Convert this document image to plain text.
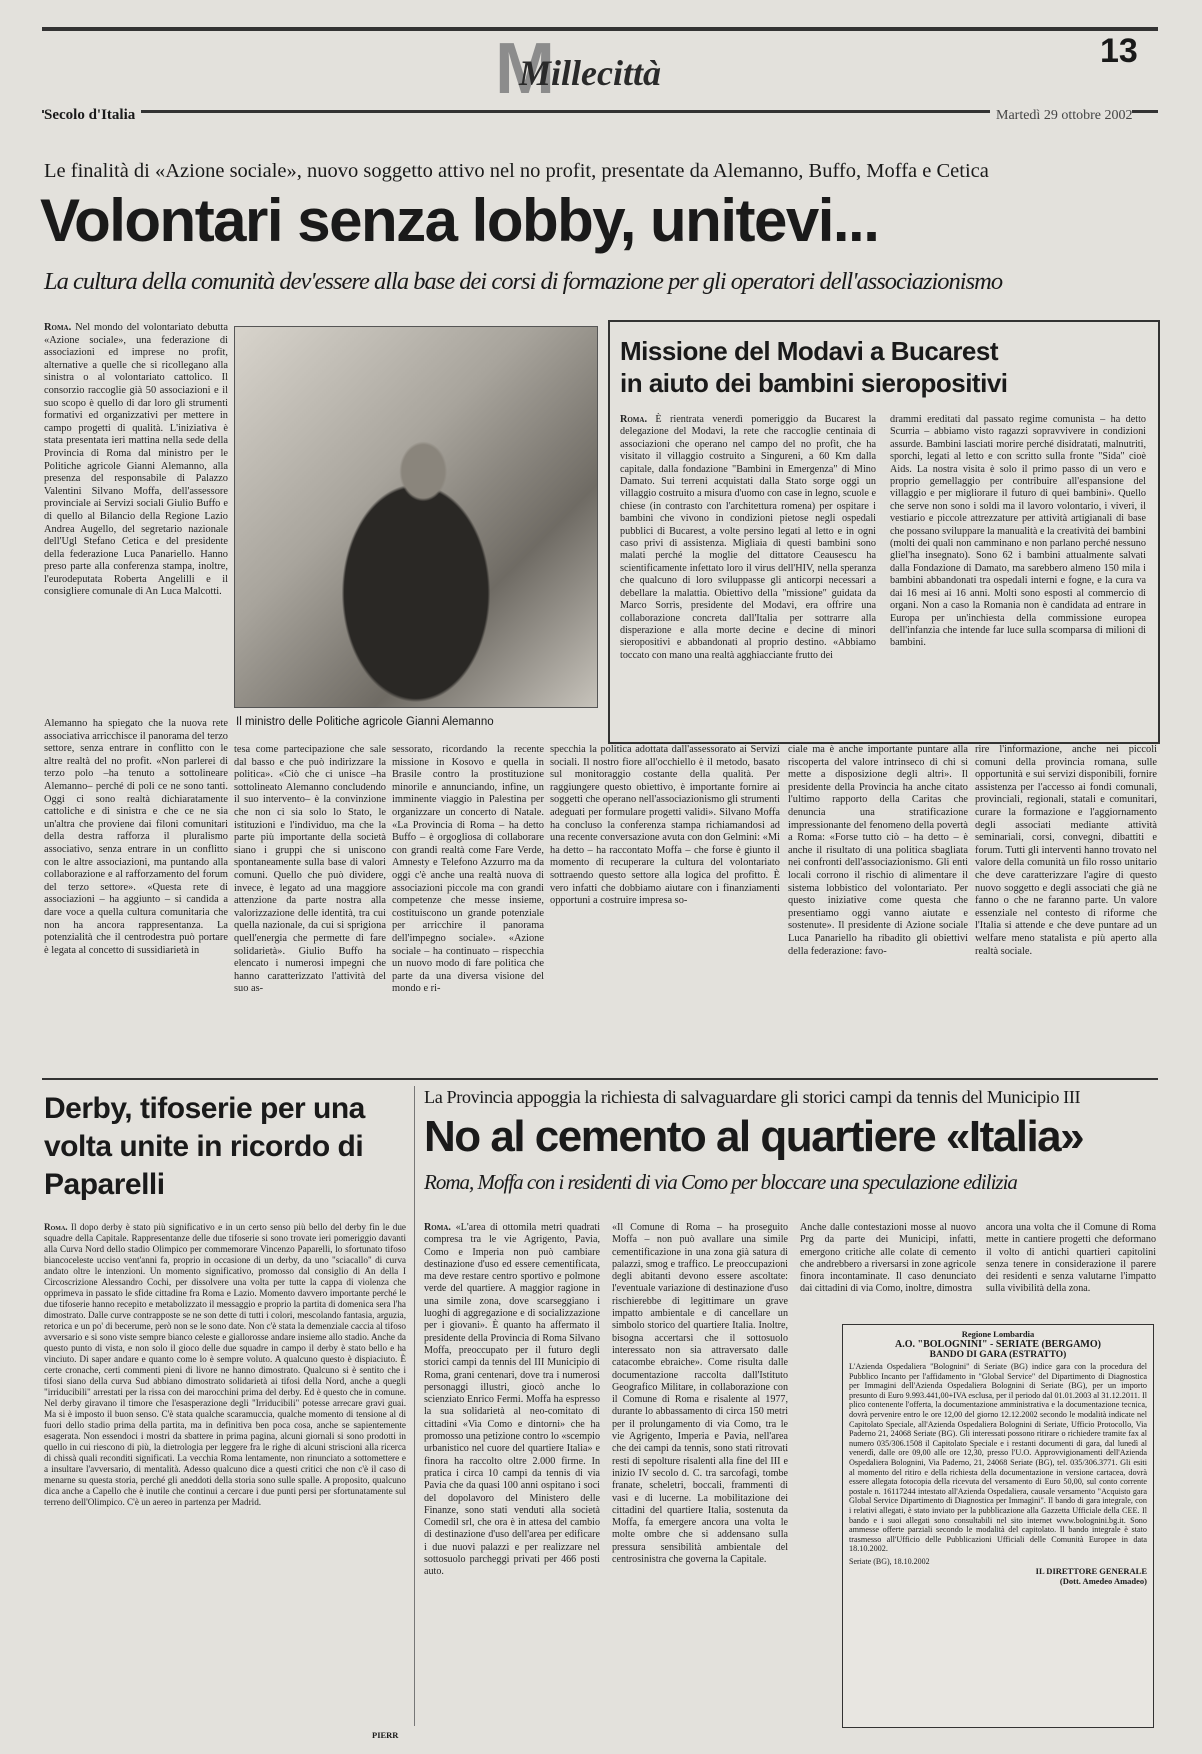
M
Millecittà
13
Secolo d'Italia	Martedì 29 ottobre 2002
Le finalità di «Azione sociale», nuovo soggetto attivo nel no profit, presentate da Alemanno, Buffo, Moffa e Cetica
Volontari senza lobby, unitevi...
La cultura della comunità dev'essere alla base dei corsi di formazione per gli operatori dell'associazionismo

Roma. Nel mondo del volontariato debutta «Azione sociale», una federazione di associazioni ed imprese no profit, alternative a quelle che si ricollegano alla sinistra o al volontariato cattolico. Il consorzio raccoglie già 50 associazioni e il suo scopo è quello di dar loro gli strumenti formativi ed organizzativi per mettere in campo progetti di qualità. L'iniziativa è stata presentata ieri mattina nella sede della Provincia di Roma dal ministro per le Politiche agricole Gianni Alemanno, alla presenza del responsabile di Palazzo Valentini Silvano Moffa, dell'assessore provinciale ai Servizi sociali Giulio Buffo e di quello al Bilancio della Regione Lazio Andrea Augello, del segretario nazionale dell'Ugl Stefano Cetica e del presidente della federazione Luca Panariello. Hanno preso parte alla conferenza stampa, inoltre, l'eurodeputata Roberta Angelilli e il consigliere comunale di An Luca Malcotti.

Il ministro delle Politiche agricole Gianni Alemanno

Alemanno ha spiegato che la nuova rete associativa arricchisce il panorama del terzo settore, senza entrare in conflitto con le altre realtà del no profit. «Non parlerei di terzo polo –ha tenuto a sottolineare Alemanno– perché di poli ce ne sono tanti. Oggi ci sono realtà dichiaratamente cattoliche e di sinistra e che ce ne sia un'altra che proviene dai filoni comunitari della destra rafforza il pluralismo associativo, senza entrare in un conflitto con le altre associazioni, ma puntando alla collaborazione e al rafforzamento del forum del terzo settore». «Questa rete di associazioni – ha aggiunto – si candida a dare voce a quella cultura comunitaria che non ha ancora rappresentanza. La potenzialità che il centrodestra può portare è legata al concetto di sussidiarietà in

tesa come partecipazione che sale dal basso e che può indirizzare la politica». «Ciò che ci unisce –ha sottolineato Alemanno concludendo il suo intervento– è la convinzione che non ci sia solo lo Stato, le istituzioni e l'individuo, ma che la parte più importante della società siano i gruppi che si uniscono spontaneamente sulla base di valori comuni. Quello che può dividere, invece, è legato ad una maggiore attenzione da parte nostra alla valorizzazione delle identità, tra cui quella nazionale, da cui si sprigiona quell'energia che permette di fare solidarietà». Giulio Buffo ha elencato i numerosi impegni che hanno caratterizzato l'attività del suo as-

sessorato, ricordando la recente missione in Kosovo e quella in Brasile contro la prostituzione minorile e annunciando, infine, un imminente viaggio in Palestina per organizzare un concerto di Natale. «La Provincia di Roma – ha detto Buffo – è orgogliosa di collaborare con grandi realtà come Fare Verde, Amnesty e Telefono Azzurro ma da oggi c'è anche una realtà nuova di associazioni piccole ma con grandi competenze che messe insieme, costituiscono un grande potenziale per arricchire il panorama dell'impegno sociale». «Azione sociale – ha continuato – rispecchia un nuovo modo di fare politica che parte da una diversa visione del mondo e ri-

specchia la politica adottata dall'assessorato ai Servizi sociali. Il nostro fiore all'occhiello è il metodo, basato sul monitoraggio costante della qualità. Per raggiungere questo obiettivo, è importante fornire ai soggetti che operano nell'associazionismo gli strumenti adeguati per formulare progetti validi». Silvano Moffa ha concluso la conferenza stampa richiamandosi ad una recente conversazione avuta con don Gelmini: «Mi ha detto – ha raccontato Moffa – che forse è giunto il momento di recuperare la cultura del volontariato sottraendo questo settore alla logica del profitto. È vero infatti che dobbiamo aiutare con i finanziamenti opportuni a costruire impresa so-

ciale ma è anche importante puntare alla riscoperta del valore intrinseco di chi si mette a disposizione degli altri». Il presidente della Provincia ha anche citato l'ultimo rapporto della Caritas che denuncia una stratificazione impressionante del fenomeno della povertà a Roma: «Forse tutto ciò – ha detto – è anche il risultato di una politica sbagliata nei confronti dell'associazionismo. Gli enti locali corrono il rischio di alimentare il sistema lobbistico del volontariato. Per questo iniziative come questa che presentiamo oggi vanno aiutate e sostenute». Il presidente di Azione sociale Luca Panariello ha ribadito gli obiettivi della federazione: favo-

rire l'informazione, anche nei piccoli comuni della provincia romana, sulle opportunità e sui servizi disponibili, fornire assistenza per l'accesso ai fondi comunali, provinciali, regionali, statali e comunitari, curare la formazione e l'aggiornamento degli associati mediante attività seminariali, corsi, convegni, dibattiti e forum. Tutti gli interventi hanno trovato nel valore della comunità un filo rosso unitario che deve caratterizzare l'agire di questo nuovo soggetto e degli associati che già ne fanno o che ne faranno parte. Un valore essenziale nel contesto di riforme che l'Italia si attende e che deve puntare ad un welfare meno statalista e più aperto alla realtà sociale.

Missione del Modavi a Bucarest
in aiuto dei bambini sieropositivi

Roma. È rientrata venerdì pomeriggio da Bucarest la delegazione del Modavi, la rete che raccoglie centinaia di associazioni che operano nel campo del no profit, che ha visitato il villaggio costruito a Singureni, a 60 Km dalla capitale, dalla fondazione "Bambini in Emergenza" di Mino Damato. Sui terreni acquistati dalla Stato sorge oggi un villaggio costruito a misura d'uomo con case in legno, scuole e chiese (in contrasto con l'architettura romena) per ospitare i bambini che vivono in condizioni pietose negli ospedali pubblici di Bucarest, a volte persino legati al letto e in ogni caso privi di assistenza. Migliaia di questi bambini sono malati perché la moglie del dittatore Ceausescu ha scientificamente infettato loro il virus dell'HIV, nella speranza che qualcuno di loro sviluppasse gli anticorpi necessari a debellare la malattia. Obiettivo della "missione" guidata da Marco Sorrìs, presidente del Modavi, era offrire una collaborazione concreta dall'Italia per sottrarre alla disperazione e alla morte decine e decine di minori sieropositivi e abbandonati al proprio destino. «Abbiamo toccato con mano una realtà agghiacciante frutto dei

drammi ereditati dal passato regime comunista – ha detto Scurria – abbiamo visto ragazzi sopravvivere in condizioni assurde. Bambini lasciati morire perché disidratati, malnutriti, sporchi, legati al letto e con scritto sulla fronte "Sida" cioè Aids. La nostra visita è solo il primo passo di un vero e proprio gemellaggio per contribuire all'espansione del villaggio e per migliorare il futuro di quei bambini». Quello che serve non sono i soldi ma il lavoro volontario, i viveri, il vestiario e piccole attrezzature per attività artigianali di base che possano sviluppare la manualità e la creatività dei bambini (molti dei quali non camminano e non parlano perché nessuno gliel'ha insegnato). Sono 62 i bambini attualmente salvati dalla Fondazione di Damato, ma sarebbero almeno 150 mila i bambini abbandonati tra ospedali interni e fogne, e la cura va dai 16 mesi ai 16 anni. Molti sono esposti al commercio di organi. Non a caso la Romania non è candidata ad entrare in Europa per un'inchiesta della commissione europea dell'infanzia che intende far luce sulla scomparsa di milioni di bambini.

Derby, tifoserie per una volta unite in ricordo di Paparelli

Roma. Il dopo derby è stato più significativo e in un certo senso più bello del derby fin le due squadre della Capitale. Rappresentanze delle due tifoserie si sono trovate ieri pomeriggio davanti alla Curva Nord dello stadio Olimpico per commemorare Vincenzo Paparelli, lo sfortunato tifoso biancoceleste ucciso vent'anni fa, proprio in occasione di un derby, da uno "sciacallo" di curva andato oltre le intenzioni. Un momento significativo, promosso dal consiglio di An della I Circoscrizione Alessandro Cochi, per dissolvere una volta per tutte la cappa di violenza che opprimeva in passato le sfide cittadine fra Roma e Lazio. Momento davvero importante perché le due tifoserie hanno recepito e metabolizzato il messaggio e proprio la partita di domenica sera l'ha dimostrato. Dalle curve contrapposte se ne son dette di tutti i colori, mescolando fantasia, arguzia, retorica e un po' di becerume, però non se le sono date. Non c'è stata la demenziale caccia al tifoso avversario e si sono viste sempre bianco celeste e giallorosse andare insieme allo stadio. Anche da questo punto di vista, e non solo il gioco delle due squadre in campo il derby è stato bello e ha vinciuto. Di saper andare e quanto come lo è sempre voluto. A qualcuno questo è dispiaciuto. È certe cronache, certi commenti pieni di livore ne hanno dimostrato. Qualcuno si è sentito che i tifosi siano della curva Sud abbiano dimostrato solidarietà ai tifosi della Nord, anche a quegli "irriducibili" arrestati per la rissa con dei marocchini prima del derby. Ed è questo che in comune. Nel derby giravano il timore che l'esasperazione degli "Irriducibili" potesse arrecare gravi guai. Ma si è imposto il buon senso. C'è stata qualche scaramuccia, qualche momento di tensione al di fuori dello stadio prima della partita, ma in definitiva ben poca cosa, anche se sapientemente esagerata. Non essendoci i mostri da sbattere in prima pagina, alcuni giornali si sono prodotti in quello in cui riescono di più, la dietrologia per leggere fra le righe di alcuni striscioni alla ricerca di chissà quali reconditi significati. La vecchia Roma lentamente, non rinunciato a sottomettere e a insultare l'avversario, di mentalità. Adesso qualcuno dice a questi critici che non c'è il caso di menarne su questa storia, perché gli aneddoti della storia sono sulle spalle. A proposito, qualcuno dica anche a Capello che è inutile che continui a cercare i due punti persi per sfortunatamente sul terreno dell'Olimpico. C'è un aereo in partenza per Madrid.

PIERR
La Provincia appoggia la richiesta di salvaguardare gli storici campi da tennis del Municipio III
No al cemento al quartiere «Italia»
Roma, Moffa con i residenti di via Como per bloccare una speculazione edilizia

Roma. «L'area di ottomila metri quadrati compresa tra le vie Agrigento, Pavia, Como e Imperia non può cambiare destinazione d'uso ed essere cementificata, ma deve restare centro sportivo e polmone verde del quartiere. A maggior ragione in una simile zona, dove scarseggiano i luoghi di aggregazione e di socializzazione per i giovani». È quanto ha affermato il presidente della Provincia di Roma Silvano Moffa, preoccupato per il futuro degli storici campi da tennis del III Municipio di Roma, grani centenari, dove tra i numerosi personaggi illustri, giocò anche lo scienziato Enrico Fermi. Moffa ha espresso la sua solidarietà al neo-comitato di cittadini «Via Como e dintorni» che ha promosso una petizione contro lo «scempio urbanistico nel cuore del quartiere Italia» e finora ha raccolto oltre 2.000 firme. In pratica i circa 10 campi da tennis di via Pavia che da quasi 100 anni ospitano i soci del dopolavoro del Ministero delle Finanze, sono stati venduti alla società Comedil srl, che ora è in attesa del cambio di destinazione d'uso dell'area per edificare i due nuovi palazzi e per realizzare nel sottosuolo parcheggi privati per 466 posti auto.

«Il Comune di Roma – ha proseguito Moffa – non può avallare una simile cementificazione in una zona già satura di palazzi, smog e traffico. Le preoccupazioni degli abitanti devono essere ascoltate: l'eventuale variazione di destinazione d'uso rischierebbe di legittimare un grave impatto ambientale e di cancellare un simbolo storico del quartiere Italia. Inoltre, bisogna accertarsi che il sottosuolo interessato non sia attraversato dalle catacombe ebraiche». Come risulta dalle documentazione raccolta dall'Istituto Geografico Militare, in collaborazione con il Comune di Roma e risalente al 1977, durante lo abbassamento di circa 150 metri per il prolungamento di via Como, tra le vie Agrigento, Imperia e Pavia, nell'area che dei campi da tennis, sono stati ritrovati resti di sepolture risalenti alla fine del III e inizio IV secolo d. C. tra sarcofagi, tombe franate, scheletri, boccali, frammenti di vasi e di lucerne. La mobilitazione dei cittadini del quartiere Italia, sostenuta da Moffa, fa emergere ancora una volta le molte ombre che si addensano sulla pressura sensibilità ambientale del centrosinistra che governa la Capitale.

Anche dalle contestazioni mosse al nuovo Prg da parte dei Municipi, infatti, emergono critiche alle colate di cemento che andrebbero a riversarsi in zone agricole finora incontaminate. Il caso denunciato dai cittadini di via Como, inoltre, dimostra

ancora una volta che il Comune di Roma mette in cantiere progetti che deformano il volto di antichi quartieri capitolini senza tenere in considerazione il parere dei residenti e senza valutarne l'impatto sulla vivibilità della zona.

Regione Lombardia
A.O. "BOLOGNINI" - SERIATE (BERGAMO)
BANDO DI GARA (ESTRATTO)

L'Azienda Ospedaliera "Bolognini" di Seriate (BG) indice gara con la procedura del Pubblico Incanto per l'affidamento in "Global Service" del Dipartimento di Diagnostica per Immagini dell'Azienda Ospedaliera Bolognini di Seriate (BG), per un importo presunto di Euro 9.993.441,00+IVA esclusa, per il periodo dal 01.01.2003 al 31.12.2011. Il plico contenente l'offerta, la documentazione amministrativa e la documentazione tecnica, dovrà pervenire entro le ore 12,00 del giorno 12.12.2002 secondo le modalità indicate nel Capitolato Speciale, all'Azienda Ospedaliera Bolognini di Seriate, Ufficio Protocollo, Via Paderno 21, 24068 Seriate (BG). Gli interessati possono ritirare o richiedere tramite fax al numero 035/306.1508 il Capitolato Speciale e i restanti documenti di gara, dal lunedì al venerdì, dalle ore 09,00 alle ore 12,30, presso l'U.O. Approvvigionamenti dell'Azienda Ospedaliera Bolognini, Via Paderno, 21, 24068 Seriate (BG), tel. 035/306.3771. Gli esiti al momento del ritiro e della richiesta della documentazione in versione cartacea, dovrà essere allegata fotocopia della ricevuta del versamento di Euro 50,00, sul conto corrente postale n. 16117244 intestato all'Azienda Ospedaliera, causale versamento "Acquisto gara Global Service Dipartimento di Diagnostica per Immagini". Il bando di gara integrale, con i relativi allegati, è stato inviato per la pubblicazione alla Gazzetta Ufficiale della CEE. Il bando e i suoi allegati sono consultabili nel sito internet www.bolognini.bg.it. Sono ammesse offerte parziali secondo le modalità del capitolato. Il bando integrale è stato trasmesso all'Ufficio delle Pubblicazioni Ufficiali delle Comunità Europee in data 18.10.2002.

Seriate (BG), 18.10.2002
IL DIRETTORE GENERALE
(Dott. Amedeo Amadeo)
